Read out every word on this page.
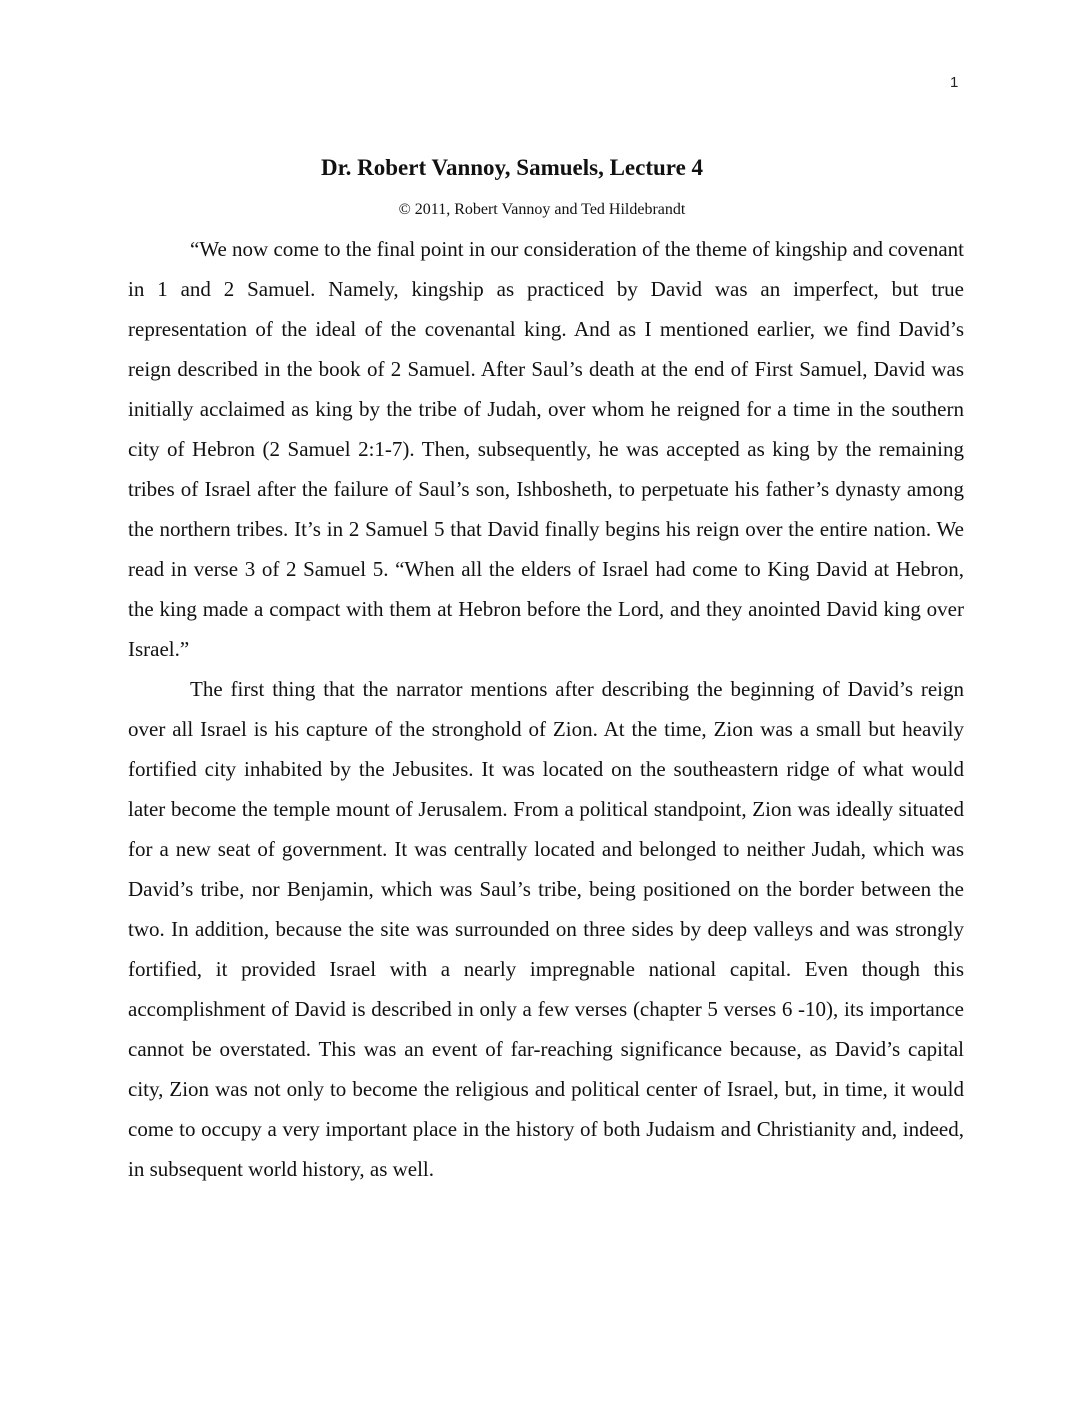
1
Dr. Robert Vannoy, Samuels, Lecture 4
© 2011, Robert Vannoy and Ted Hildebrandt

“We now come to the final point in our consideration of the theme of kingship and covenant in 1 and 2 Samuel. Namely, kingship as practiced by David was an imperfect, but true representation of the ideal of the covenantal king. And as I mentioned earlier, we find David’s reign described in the book of 2 Samuel. After Saul’s death at the end of First Samuel, David was initially acclaimed as king by the tribe of Judah, over whom he reigned for a time in the southern city of Hebron (2 Samuel 2:1-7). Then, subsequently, he was accepted as king by the remaining tribes of Israel after the failure of Saul’s son, Ishbosheth, to perpetuate his father’s dynasty among the northern tribes. It’s in 2 Samuel 5 that David finally begins his reign over the entire nation. We read in verse 3 of 2 Samuel 5. “When all the elders of Israel had come to King David at Hebron, the king made a compact with them at Hebron before the Lord, and they anointed David king over Israel.”

The first thing that the narrator mentions after describing the beginning of David’s reign over all Israel is his capture of the stronghold of Zion. At the time, Zion was a small but heavily fortified city inhabited by the Jebusites. It was located on the southeastern ridge of what would later become the temple mount of Jerusalem. From a political standpoint, Zion was ideally situated for a new seat of government. It was centrally located and belonged to neither Judah, which was David’s tribe, nor Benjamin, which was Saul’s tribe, being positioned on the border between the two. In addition, because the site was surrounded on three sides by deep valleys and was strongly fortified, it provided Israel with a nearly impregnable national capital. Even though this accomplishment of David is described in only a few verses (chapter 5 verses 6 -10), its importance cannot be overstated. This was an event of far-reaching significance because, as David’s capital city, Zion was not only to become the religious and political center of Israel, but, in time, it would come to occupy a very important place in the history of both Judaism and Christianity and, indeed, in subsequent world history, as well.
